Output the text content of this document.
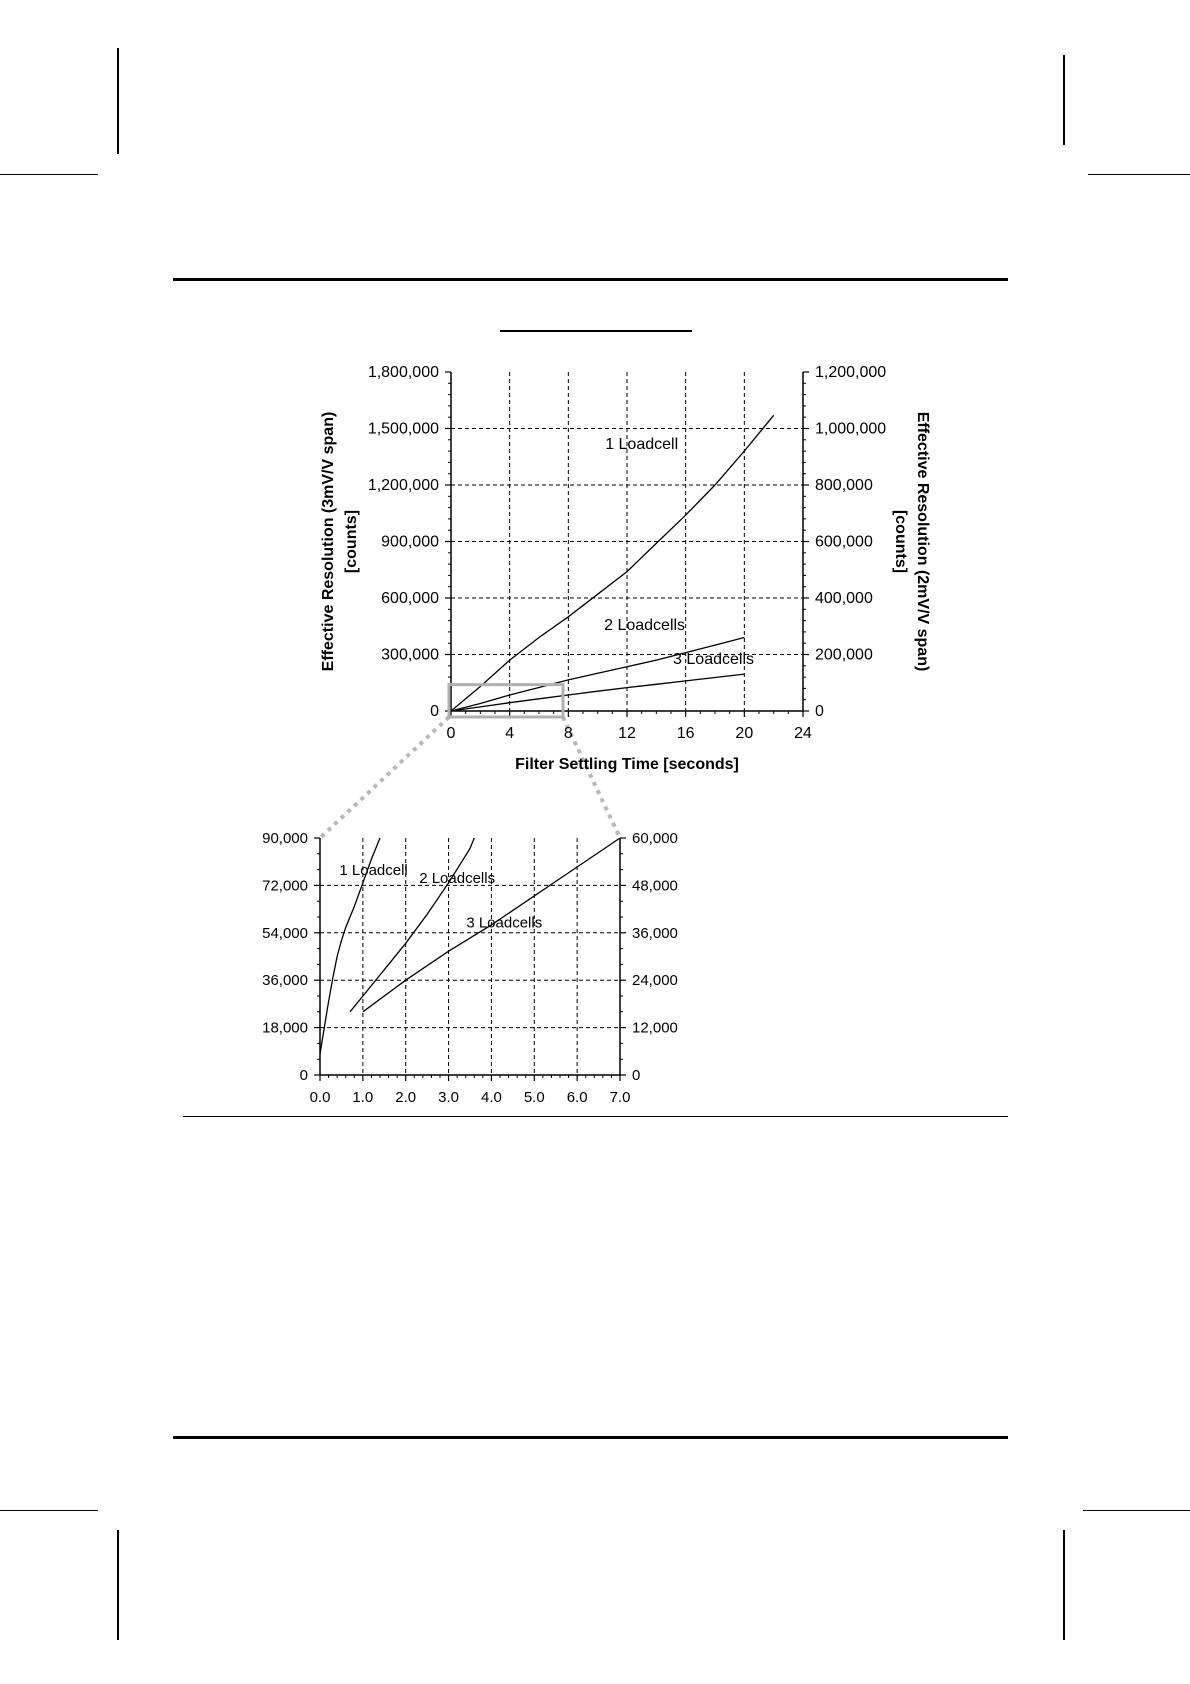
0	4	8	12	16	20	24
0
300,000
600,000
900,000
1,200,000
1,500,000
1,800,000
0
200,000
400,000
600,000
800,000
1,000,000
1,200,000
1 Loadcell
2 Loadcells
3 Loadcells
Filter Settling Time [seconds]
Effective Resolution (3mV/V span) [counts]	Effective Resolution (2mV/V span)
[counts]
0.0 1.0 2.0 3.0 4.0 5.0 6.0 7.0
0
18,000
36,000
54,000
72,000
90,000
0
12,000
24,000
36,000
48,000
60,000
1 Loadcell 2 Loadcells
3 Loadcells
